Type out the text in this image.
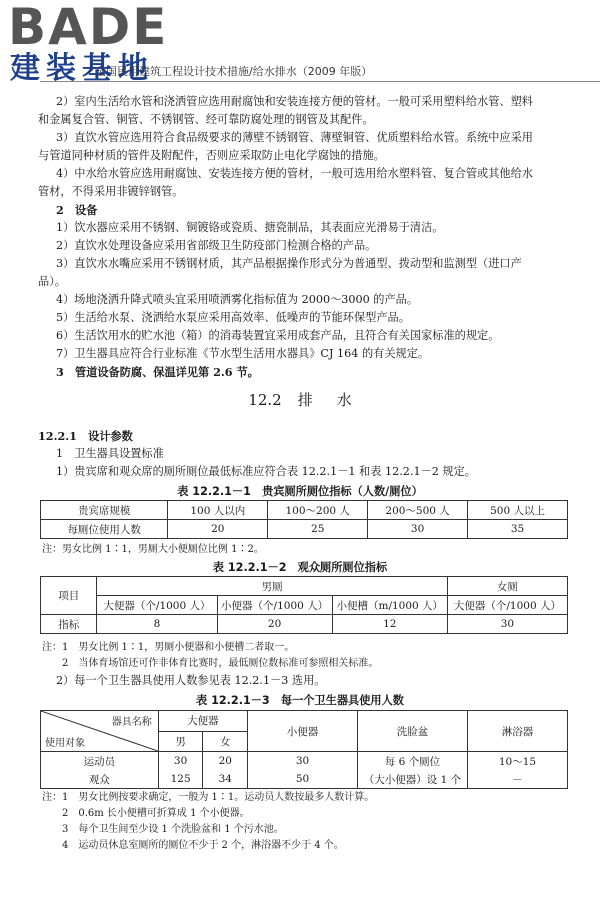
BADE
建装基地
· 全国民用建筑工程设计技术措施/给水排水（2009 年版）
2）室内生活给水管和浇洒管应选用耐腐蚀和安装连接方便的管材。一般可采用塑料给水管、塑料
和金属复合管、铜管、不锈钢管、经可靠防腐处理的钢管及其配件。
3）直饮水管应选用符合食品级要求的薄壁不锈钢管、薄壁铜管、优质塑料给水管。系统中应采用
与管道同种材质的管件及附配件，否则应采取防止电化学腐蚀的措施。
4）中水给水管应选用耐腐蚀、安装连接方便的管材，一般可选用给水塑料管、复合管或其他给水
管材，不得采用非镀锌钢管。
2　设备
1）饮水器应采用不锈钢、铜镀铬或瓷质、搪瓷制品，其表面应光滑易于清洁。
2）直饮水处理设备应采用省部级卫生防疫部门检测合格的产品。
3）直饮水水嘴应采用不锈钢材质，其产品根据操作形式分为普通型、拨动型和监测型（进口产
品）。
4）场地浇洒升降式喷头宜采用喷洒雾化指标值为 2000～3000 的产品。
5）生活给水泵、浇洒给水泵应采用高效率、低噪声的节能环保型产品。
6）生活饮用水的贮水池（箱）的消毒装置宜采用成套产品，且符合有关国家标准的规定。
7）卫生器具应符合行业标准《节水型生活用水器具》CJ 164 的有关规定。
3　管道设备防腐、保温详见第 2.6 节。
12.2 排 水
12.2.1　设计参数
1　卫生器具设置标准
1）贵宾席和观众席的厕所厕位最低标准应符合表 12.2.1－1 和表 12.2.1－2 规定。
表 12.2.1－1　贵宾厕所厕位指标（人数/厕位）
贵宾席规模	100 人以内	100～200 人	200～500 人	500 人以上
每厕位使用人数	20	25	30	35
注：男女比例 1∶1，男厕大小便厕位比例 1∶2。
表 12.2.1－2　观众厕所厕位指标
项目	男厕			女厕
	大便器（个/1000 人）	小便器（个/1000 人）	小便槽（m/1000 人）	大便器（个/1000 人）
指标	8	20	12	30
注：1　男女比例 1∶1，男厕小便器和小便槽二者取一。
2　当体育场馆还可作非体育比赛时，最低厕位数标准可参照相关标准。
2）每一个卫生器具使用人数参见表 12.2.1－3 选用。
表 12.2.1－3　每一个卫生器具使用人数
器具名称
使用对象	大便器		小便器	洗脸盆	淋浴器
	男	女			
运动员	30	20	30	每 6 个厕位	10～15
观众	125	34	50	（大小便器）设 1 个	－
注：1　男女比例按要求确定，一般为 1∶1。运动员人数按最多人数计算。
2　0.6m 长小便槽可折算成 1 个小便器。
3　每个卫生间至少设 1 个洗脸盆和 1 个污水池。
4　运动员休息室厕所的厕位不少于 2 个，淋浴器不少于 4 个。
